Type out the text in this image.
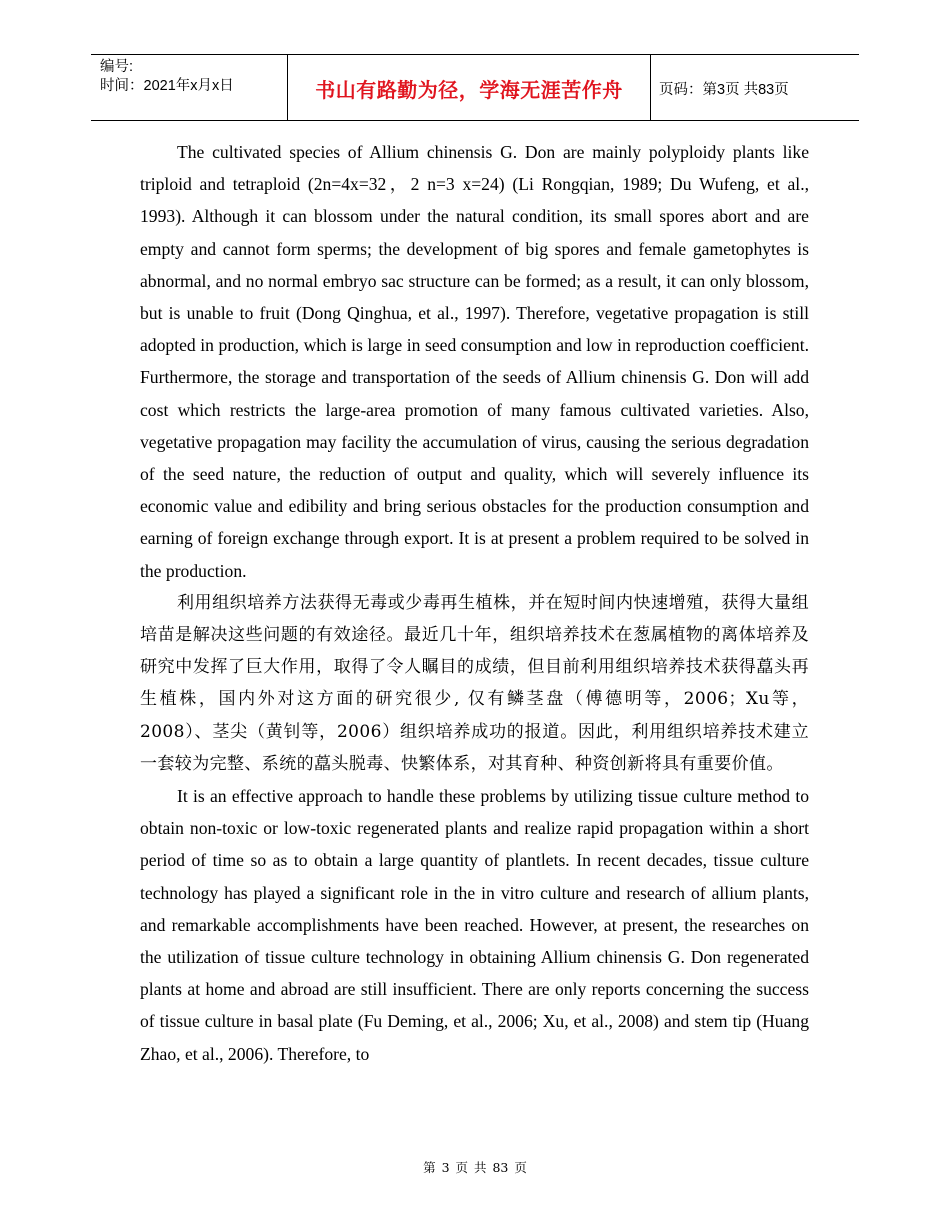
编号:
时间：2021年x月x日	书山有路勤为径，学海无涯苦作舟	页码：第3页 共83页

The cultivated species of Allium chinensis G. Don are mainly polyploidy plants like triploid and tetraploid (2n=4x=32，2 n=3 x=24) (Li Rongqian, 1989; Du Wufeng, et al., 1993). Although it can blossom under the natural condition, its small spores abort and are empty and cannot form sperms; the development of big spores and female gametophytes is abnormal, and no normal embryo sac structure can be formed; as a result, it can only blossom, but is unable to fruit (Dong Qinghua, et al., 1997). Therefore, vegetative propagation is still adopted in production, which is large in seed consumption and low in reproduction coefficient. Furthermore, the storage and transportation of the seeds of Allium chinensis G. Don will add cost which restricts the large-area promotion of many famous cultivated varieties. Also, vegetative propagation may facility the accumulation of virus, causing the serious degradation of the seed nature, the reduction of output and quality, which will severely influence its economic value and edibility and bring serious obstacles for the production consumption and earning of foreign exchange through export. It is at present a problem required to be solved in the production.

利用组织培养方法获得无毒或少毒再生植株，并在短时间内快速增殖，获得大量组培苗是解决这些问题的有效途径。最近几十年，组织培养技术在葱属植物的离体培养及研究中发挥了巨大作用，取得了令人瞩目的成绩，但目前利用组织培养技术获得藠头再生植株，国内外对这方面的研究很少, 仅有鳞茎盘（傅德明等，2006；Xu等，2008）、茎尖（黄钊等，2006）组织培养成功的报道。因此，利用组织培养技术建立一套较为完整、系统的藠头脱毒、快繁体系，对其育种、种资创新将具有重要价值。

It is an effective approach to handle these problems by utilizing tissue culture method to obtain non-toxic or low-toxic regenerated plants and realize rapid propagation within a short period of time so as to obtain a large quantity of plantlets. In recent decades, tissue culture technology has played a significant role in the in vitro culture and research of allium plants, and remarkable accomplishments have been reached. However, at present, the researches on the utilization of tissue culture technology in obtaining Allium chinensis G. Don regenerated plants at home and abroad are still insufficient. There are only reports concerning the success of tissue culture in basal plate (Fu Deming, et al., 2006; Xu, et al., 2008) and stem tip (Huang Zhao, et al., 2006). Therefore, to

第 3 页 共 83 页
